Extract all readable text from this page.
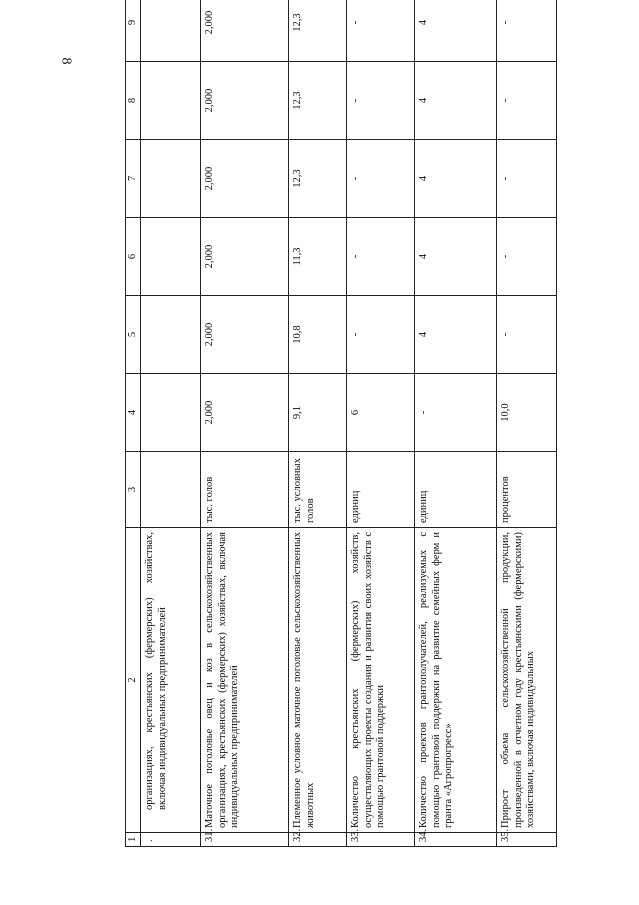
8
1	2	3	4	5	6	7	8	9
.	организациях, крестьянских (фермерских) хозяйствах, включая индивидуальных предпринимателей							
31.	Маточное поголовье овец и коз в сельскохозяйственных организациях, крестьянских (фермерских) хозяйствах, включая индивидуальных предпринимателей	тыс. голов	2,000	2,000	2,000	2,000	2,000	2,000
32.	Племенное условное маточное поголовье сельскохозяйственных животных	тыс. условных голов	9,1	10,8	11,3	12,3	12,3	12,3
33.	Количество крестьянских (фермерских) хозяйств, осуществляющих проекты создания и развития своих хозяйств с помощью грантовой поддержки	единиц	6	-	-	-	-	-
34.	Количество проектов грантополучателей, реализуемых с помощью грантовой поддержки на развитие семейных ферм и гранта «Агропрогресс»	единиц	-	4	4	4	4	4
35.	Прирост объема сельскохозяйственной продукции, произведенной в отчетном году крестьянскими (фермерскими) хозяйствами, включая индивидуальных	процентов	10,0	-	-	-	-	-
